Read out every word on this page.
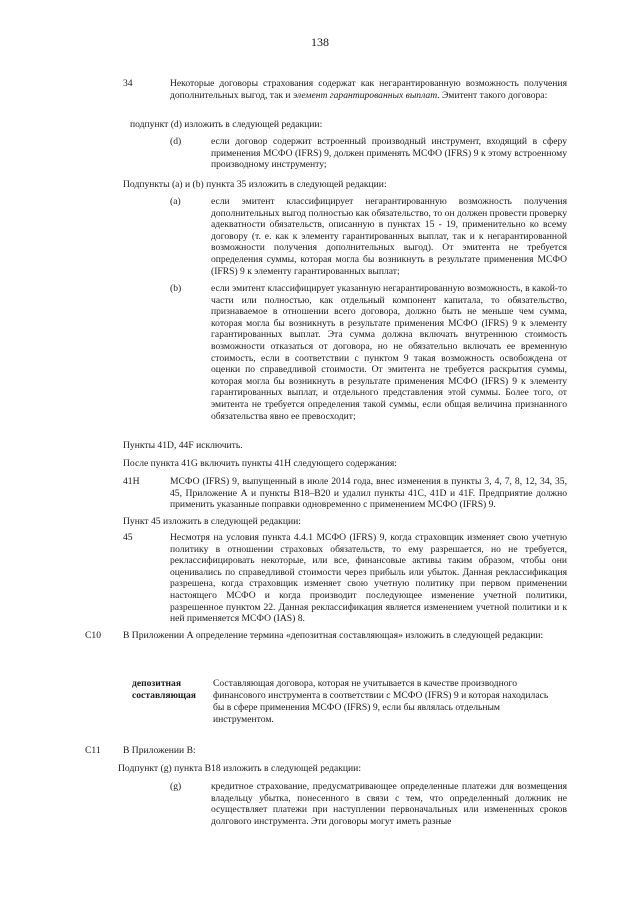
138
34	Некоторые договоры страхования содержат как негарантированную возможность получения дополнительных выгод, так и элемент гарантированных выплат. Эмитент такого договора:
подпункт (d) изложить в следующей редакции:
(d)	если договор содержит встроенный производный инструмент, входящий в сферу применения МСФО (IFRS) 9, должен применять МСФО (IFRS) 9 к этому встроенному производному инструменту;
Подпункты (a) и (b) пункта 35 изложить в следующей редакции:
(a)	если эмитент классифицирует негарантированную возможность получения дополнительных выгод полностью как обязательство, то он должен провести проверку адекватности обязательств, описанную в пунктах 15 - 19, применительно ко всему договору (т. е. как к элементу гарантированных выплат, так и к негарантированной возможности получения дополнительных выгод). От эмитента не требуется определения суммы, которая могла бы возникнуть в результате применения МСФО (IFRS) 9 к элементу гарантированных выплат;
(b)	если эмитент классифицирует указанную негарантированную возможность, в какой-то части или полностью, как отдельный компонент капитала, то обязательство, признаваемое в отношении всего договора, должно быть не меньше чем сумма, которая могла бы возникнуть в результате применения МСФО (IFRS) 9 к элементу гарантированных выплат. Эта сумма должна включать внутреннюю стоимость возможности отказаться от договора, но не обязательно включать ее временную стоимость, если в соответствии с пунктом 9 такая возможность освобождена от оценки по справедливой стоимости. От эмитента не требуется раскрытия суммы, которая могла бы возникнуть в результате применения МСФО (IFRS) 9 к элементу гарантированных выплат, и отдельного представления этой суммы. Более того, от эмитента не требуется определения такой суммы, если общая величина признанного обязательства явно ее превосходит;
Пункты 41D, 44F исключить.
После пункта 41G включить пункты 41H следующего содержания:
41H	МСФО (IFRS) 9, выпущенный в июле 2014 года, внес изменения в пункты 3, 4, 7, 8, 12, 34, 35, 45, Приложение А и пункты В18–В20 и удалил пункты 41С, 41D и 41F. Предприятие должно применить указанные поправки одновременно с применением МСФО (IFRS) 9.
Пункт 45 изложить в следующей редакции:
45	Несмотря на условия пункта 4.4.1 МСФО (IFRS) 9, когда страховщик изменяет свою учетную политику в отношении страховых обязательств, то ему разрешается, но не требуется, реклассифицировать некоторые, или все, финансовые активы таким образом, чтобы они оценивались по справедливой стоимости через прибыль или убыток. Данная реклассификация разрешена, когда страховщик изменяет свою учетную политику при первом применении настоящего МСФО и когда производит последующее изменение учетной политики, разрешенное пунктом 22. Данная реклассификация является изменением учетной политики и к ней применяется МСФО (IAS) 8.
С10 В Приложении А определение термина «депозитная составляющая» изложить в следующей редакции:
депозитная
составляющая
Составляющая договора, которая не учитывается в качестве производного финансового инструмента в соответствии с МСФО (IFRS) 9 и которая находилась бы в сфере применения МСФО (IFRS) 9, если бы являлась отдельным инструментом.
С11 В Приложении В:
Подпункт (g) пункта В18 изложить в следующей редакции:
(g)	кредитное страхование, предусматривающее определенные платежи для возмещения владельцу убытка, понесенного в связи с тем, что определенный должник не осуществляет платежи при наступлении первоначальных или измененных сроков долгового инструмента. Эти договоры могут иметь разные
